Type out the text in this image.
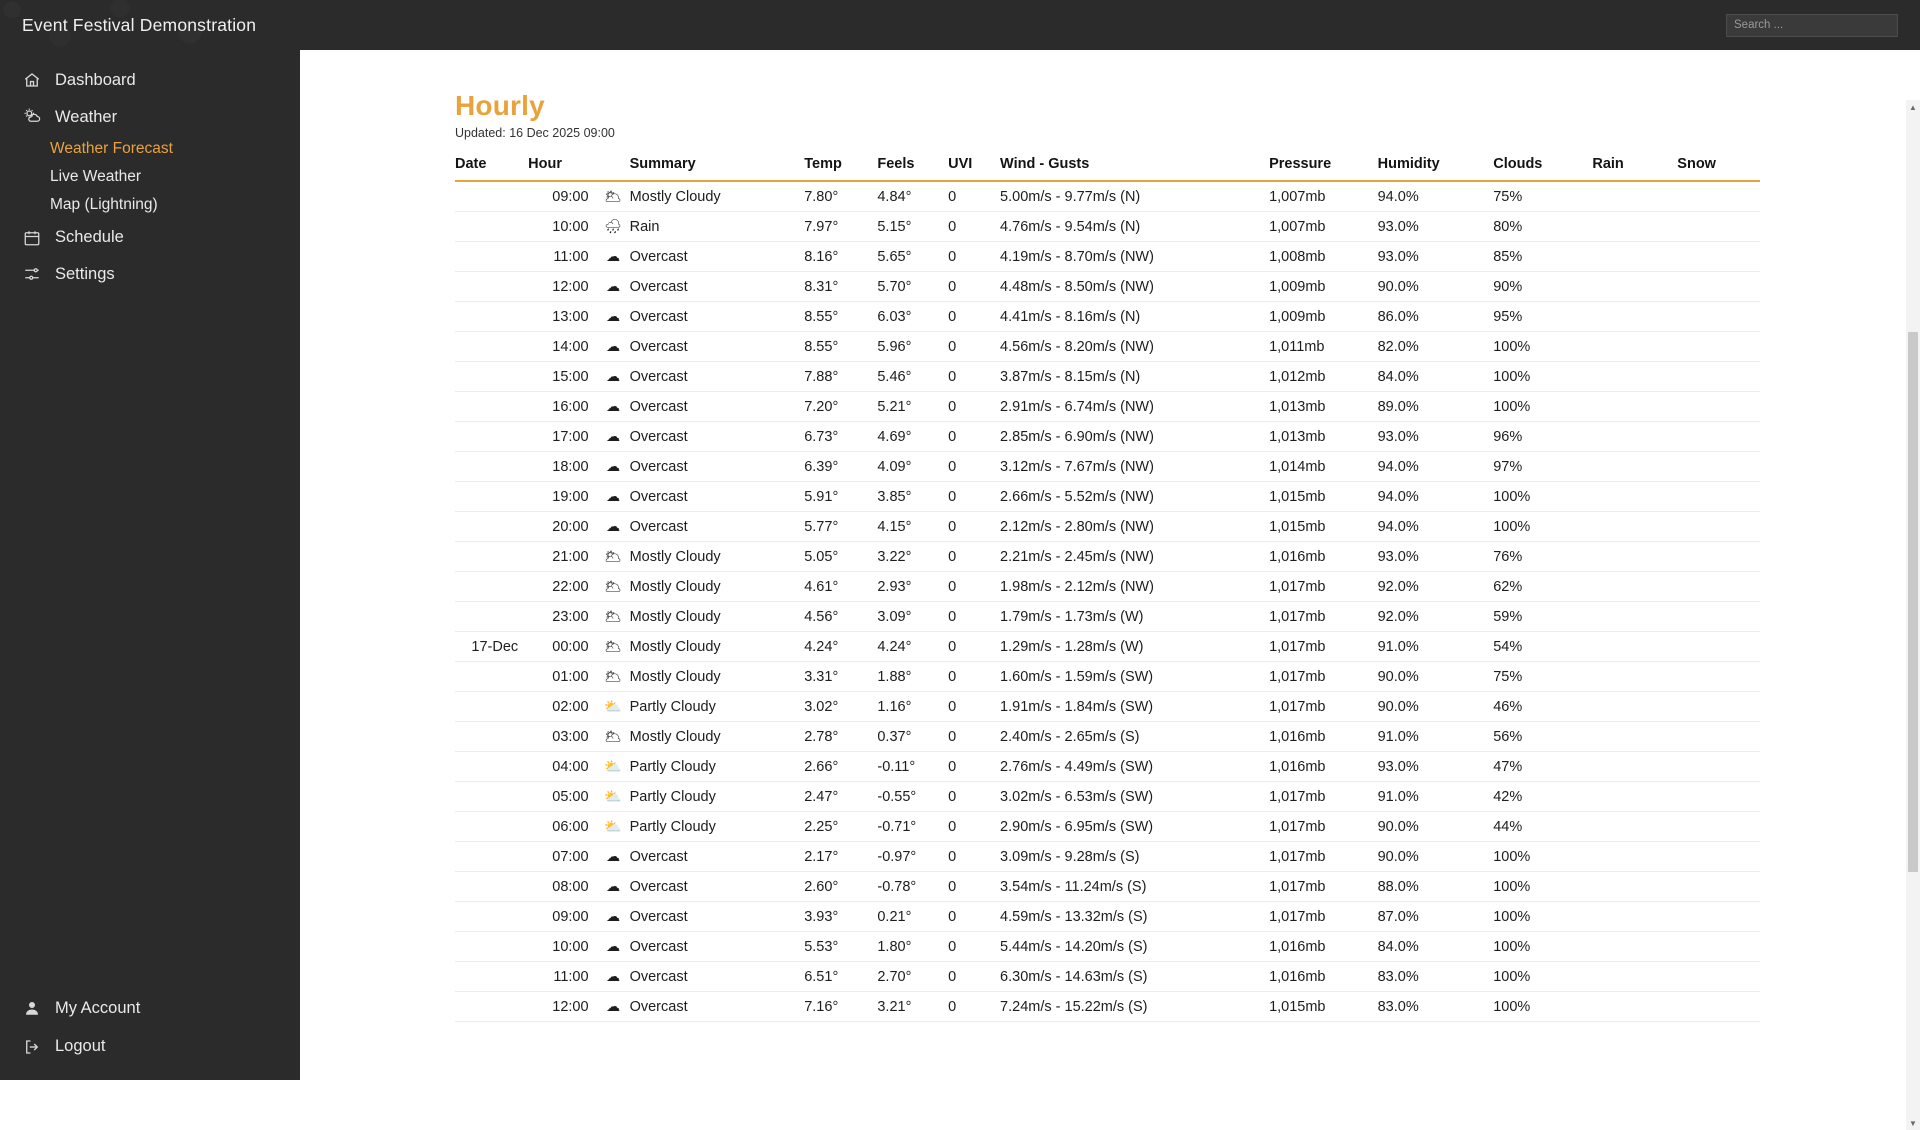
Event Festival Demonstration
Search ...
Dashboard
Weather
Weather Forecast
Live Weather
Map (Lightning)
Schedule
Settings
My Account
Logout
Hourly
Updated: 16 Dec 2025 09:00
Date	Hour		Summary	Temp	Feels	UVI	Wind - Gusts	Pressure	Humidity	Clouds	Rain	Snow
	09:00	🌥	Mostly Cloudy	7.80°	4.84°	0	5.00m/s - 9.77m/s (N)	1,007mb	94.0%	75%		
	10:00	🌧	Rain	7.97°	5.15°	0	4.76m/s - 9.54m/s (N)	1,007mb	93.0%	80%		
	11:00	☁	Overcast	8.16°	5.65°	0	4.19m/s - 8.70m/s (NW)	1,008mb	93.0%	85%		
	12:00	☁	Overcast	8.31°	5.70°	0	4.48m/s - 8.50m/s (NW)	1,009mb	90.0%	90%		
	13:00	☁	Overcast	8.55°	6.03°	0	4.41m/s - 8.16m/s (N)	1,009mb	86.0%	95%		
	14:00	☁	Overcast	8.55°	5.96°	0	4.56m/s - 8.20m/s (NW)	1,011mb	82.0%	100%		
	15:00	☁	Overcast	7.88°	5.46°	0	3.87m/s - 8.15m/s (N)	1,012mb	84.0%	100%		
	16:00	☁	Overcast	7.20°	5.21°	0	2.91m/s - 6.74m/s (NW)	1,013mb	89.0%	100%		
	17:00	☁	Overcast	6.73°	4.69°	0	2.85m/s - 6.90m/s (NW)	1,013mb	93.0%	96%		
	18:00	☁	Overcast	6.39°	4.09°	0	3.12m/s - 7.67m/s (NW)	1,014mb	94.0%	97%		
	19:00	☁	Overcast	5.91°	3.85°	0	2.66m/s - 5.52m/s (NW)	1,015mb	94.0%	100%		
	20:00	☁	Overcast	5.77°	4.15°	0	2.12m/s - 2.80m/s (NW)	1,015mb	94.0%	100%		
	21:00	🌥	Mostly Cloudy	5.05°	3.22°	0	2.21m/s - 2.45m/s (NW)	1,016mb	93.0%	76%		
	22:00	🌥	Mostly Cloudy	4.61°	2.93°	0	1.98m/s - 2.12m/s (NW)	1,017mb	92.0%	62%		
	23:00	🌥	Mostly Cloudy	4.56°	3.09°	0	1.79m/s - 1.73m/s (W)	1,017mb	92.0%	59%		
17-Dec	00:00	🌥	Mostly Cloudy	4.24°	4.24°	0	1.29m/s - 1.28m/s (W)	1,017mb	91.0%	54%		
	01:00	🌥	Mostly Cloudy	3.31°	1.88°	0	1.60m/s - 1.59m/s (SW)	1,017mb	90.0%	75%		
	02:00	⛅	Partly Cloudy	3.02°	1.16°	0	1.91m/s - 1.84m/s (SW)	1,017mb	90.0%	46%		
	03:00	🌥	Mostly Cloudy	2.78°	0.37°	0	2.40m/s - 2.65m/s (S)	1,016mb	91.0%	56%		
	04:00	⛅	Partly Cloudy	2.66°	-0.11°	0	2.76m/s - 4.49m/s (SW)	1,016mb	93.0%	47%		
	05:00	⛅	Partly Cloudy	2.47°	-0.55°	0	3.02m/s - 6.53m/s (SW)	1,017mb	91.0%	42%		
	06:00	⛅	Partly Cloudy	2.25°	-0.71°	0	2.90m/s - 6.95m/s (SW)	1,017mb	90.0%	44%		
	07:00	☁	Overcast	2.17°	-0.97°	0	3.09m/s - 9.28m/s (S)	1,017mb	90.0%	100%		
	08:00	☁	Overcast	2.60°	-0.78°	0	3.54m/s - 11.24m/s (S)	1,017mb	88.0%	100%		
	09:00	☁	Overcast	3.93°	0.21°	0	4.59m/s - 13.32m/s (S)	1,017mb	87.0%	100%		
	10:00	☁	Overcast	5.53°	1.80°	0	5.44m/s - 14.20m/s (S)	1,016mb	84.0%	100%		
	11:00	☁	Overcast	6.51°	2.70°	0	6.30m/s - 14.63m/s (S)	1,016mb	83.0%	100%		
	12:00	☁	Overcast	7.16°	3.21°	0	7.24m/s - 15.22m/s (S)	1,015mb	83.0%	100%		
▲
▼
